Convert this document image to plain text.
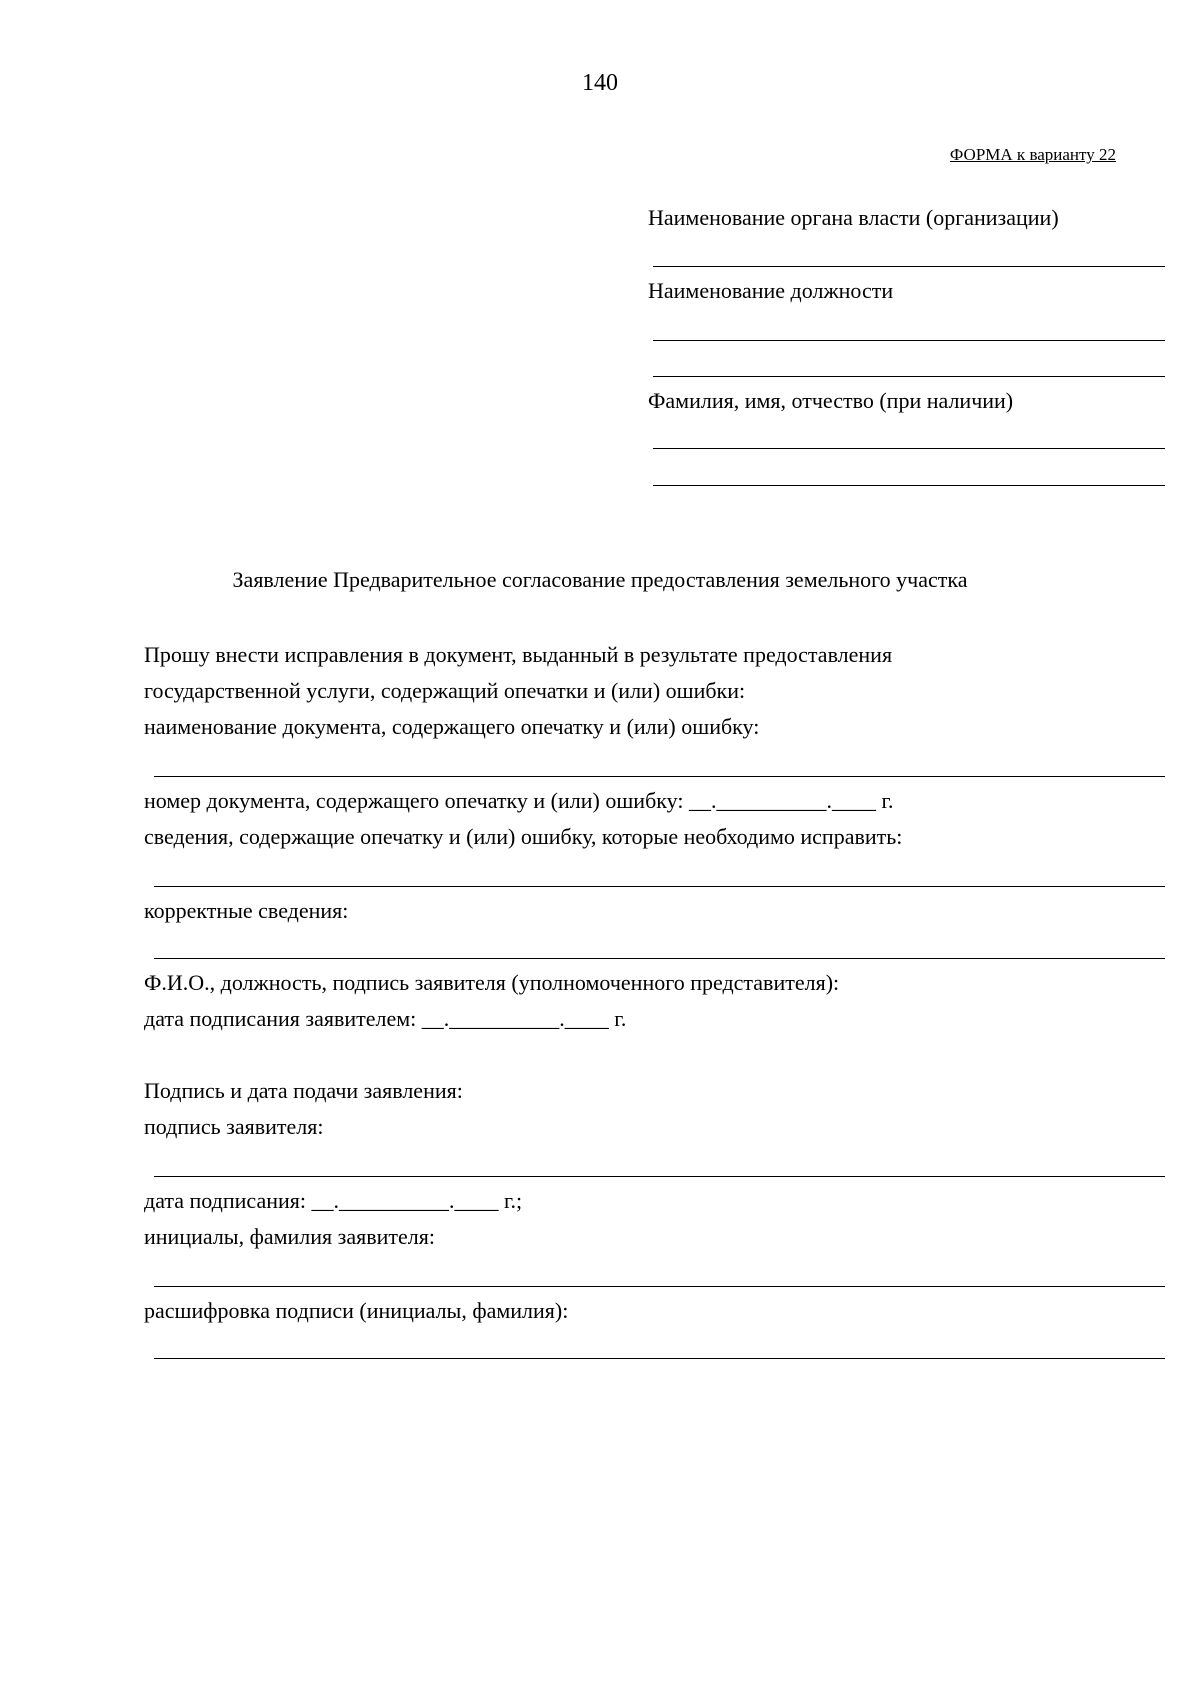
140
ФОРМА к варианту 22
Наименование органа власти (организации)
Наименование должности
Фамилия, имя, отчество (при наличии)
Заявление Предварительное согласование предоставления земельного участка
Прошу внести исправления в документ, выданный в результате предоставления
государственной услуги, содержащий опечатки и (или) ошибки:
наименование документа, содержащего опечатку и (или) ошибку:
номер документа, содержащего опечатку и (или) ошибку: __.__________.____ г.
сведения, содержащие опечатку и (или) ошибку, которые необходимо исправить:
корректные сведения:
Ф.И.О., должность, подпись заявителя (уполномоченного представителя):
дата подписания заявителем: __.__________.____ г.
Подпись и дата подачи заявления:
подпись заявителя:
дата подписания: __.__________.____ г.;
инициалы, фамилия заявителя:
расшифровка подписи (инициалы, фамилия):
